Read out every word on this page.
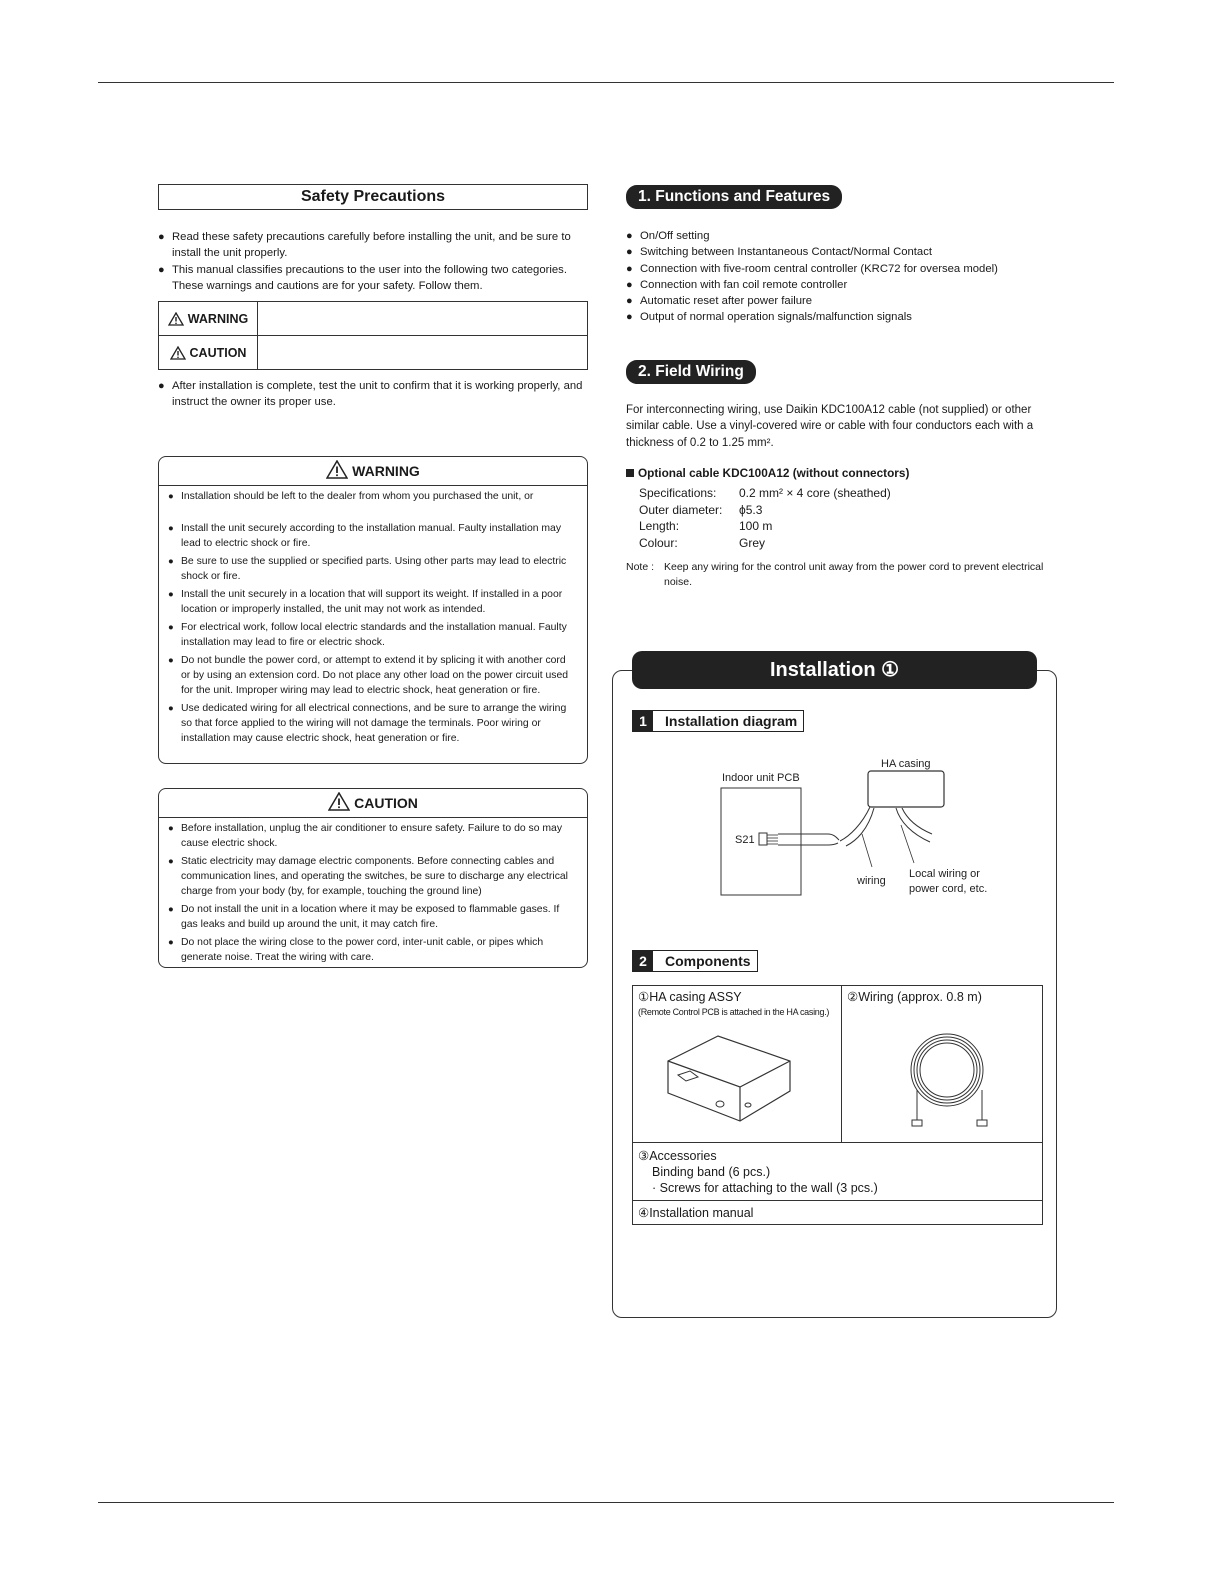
Safety Precautions
● Read these safety precautions carefully before installing the unit, and be sure to install the unit properly.
● This manual classifies precautions to the user into the following two categories. These warnings and cautions are for your safety. Follow them.
WARNING	
CAUTION	
● After installation is complete, test the unit to confirm that it is working properly, and instruct the owner its proper use.
WARNING
● Installation should be left to the dealer from whom you purchased the unit, or
● Install the unit securely according to the installation manual. Faulty installation may lead to electric shock or fire.
● Be sure to use the supplied or specified parts. Using other parts may lead to electric shock or fire.
● Install the unit securely in a location that will support its weight. If installed in a poor location or improperly installed, the unit may not work as intended.
● For electrical work, follow local electric standards and the installation manual. Faulty installation may lead to fire or electric shock.
● Do not bundle the power cord, or attempt to extend it by splicing it with another cord or by using an extension cord. Do not place any other load on the power circuit used for the unit. Improper wiring may lead to electric shock, heat generation or fire.
● Use dedicated wiring for all electrical connections, and be sure to arrange the wiring so that force applied to the wiring will not damage the terminals. Poor wiring or installation may cause electric shock, heat generation or fire.
CAUTION
● Before installation, unplug the air conditioner to ensure safety. Failure to do so may cause electric shock.
● Static electricity may damage electric components. Before connecting cables and communication lines, and operating the switches, be sure to discharge any electrical charge from your body (by, for example, touching the ground line)
● Do not install the unit in a location where it may be exposed to flammable gases. If gas leaks and build up around the unit, it may catch fire.
● Do not place the wiring close to the power cord, inter-unit cable, or pipes which generate noise. Treat the wiring with care.
1. Functions and Features
● On/Off setting
● Switching between Instantaneous Contact/Normal Contact
● Connection with five-room central controller (KRC72 for oversea model)
● Connection with fan coil remote controller
● Automatic reset after power failure
● Output of normal operation signals/malfunction signals
2. Field Wiring
For interconnecting wiring, use Daikin KDC100A12 cable (not supplied) or other similar cable. Use a vinyl-covered wire or cable with four conductors each with a thickness of 0.2 to 1.25 mm².
Optional cable KDC100A12 (without connectors)
Specifications:	0.2 mm² × 4 core (sheathed)
Outer diameter:	ϕ5.3
Length:	100 m
Colour:	Grey
Note : Keep any wiring for the control unit away from the power cord to prevent electrical noise.
Installation ①
1 Installation diagram
Indoor unit PCB
HA casing
S21
wiring
Local wiring or
power cord, etc.
2 Components
①HA casing ASSY
(Remote Control PCB is attached in the HA casing.)

②Wiring (approx. 0.8 m)

③Accessories
Binding band (6 pcs.)
· Screws for attaching to the wall (3 pcs.)

④Installation manual
